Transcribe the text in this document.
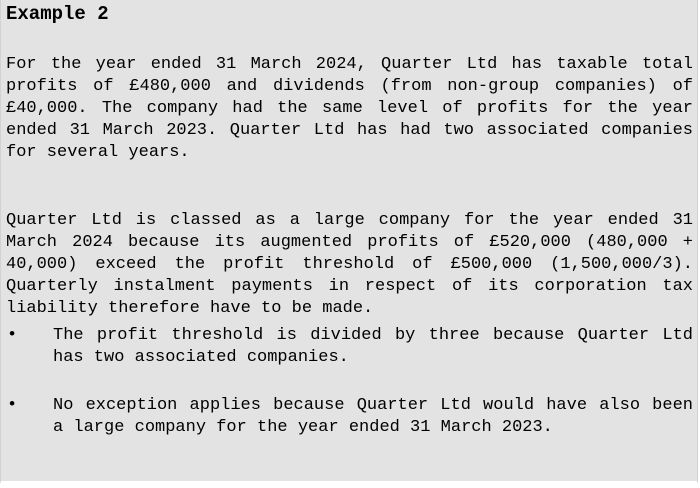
Example 2

For the year ended 31 March 2024, Quarter Ltd has taxable total profits of £480,000 and dividends (from non-group companies) of £40,000. The company had the same level of profits for the year ended 31 March 2023. Quarter Ltd has had two associated companies for several years.

Quarter Ltd is classed as a large company for the year ended 31 March 2024 because its augmented profits of £520,000 (480,000 + 40,000) exceed the profit threshold of £500,000 (1,500,000/3). Quarterly instalment payments in respect of its corporation tax liability therefore have to be made.

• The profit threshold is divided by three because Quarter Ltd has two associated companies.

• No exception applies because Quarter Ltd would have also been a large company for the year ended 31 March 2023.
